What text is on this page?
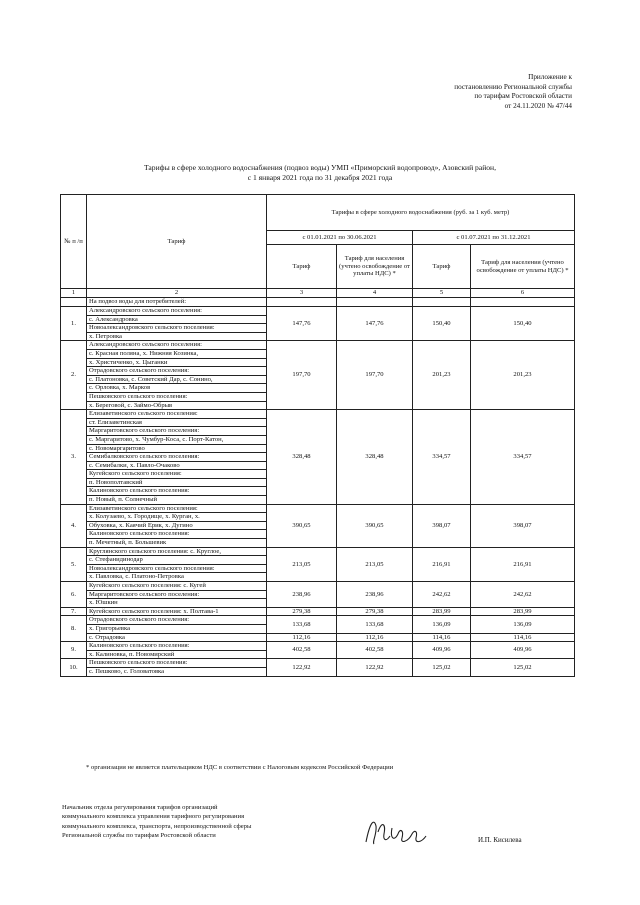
Приложение к
постановлению Региональной службы
по тарифам Ростовской области
от 24.11.2020 № 47/44
Тарифы в сфере холодного водоснабжения (подвоз воды) УМП «Приморский водопровод», Азовский район,
с 1 января 2021 года по 31 декабря 2021 года
№ п /п	Тариф	Тарифы в сфере холодного водоснабжения (руб. за 1 куб. метр)			
		с 01.01.2021 по 30.06.2021		с 01.07.2021 по 31.12.2021	
		Тариф	Тариф для населения (учтено освобождение от уплаты НДС) *	Тариф	Тариф для населения (учтено освобождение от уплаты НДС) *
1	2	3	4	5	6
	На подвоз воды для потребителей:				
1.	Александровского сельского поселения:	147,76	147,76	150,40	150,40
	с. Александровка				
	Новоалександровского сельского поселения:				
	х. Петровка				
2.	Александровского сельского поселения:	197,70	197,70	201,23	201,23
	с. Красная поляна, х. Нижняя Козинка,				
	х. Христиченко, х. Цыганки				
	Отрадовского сельского поселения:				
	с. Платоновка, с. Советский Дар, с. Сонино,				
	с. Орловка, х. Марков				
	Пешковского сельского поселения:				
	х. Береговой, с. Займо-Обрыв				
3.	Елизаветинского сельского поселения:	328,48	328,48	334,57	334,57
	ст. Елизаветинская				
	Маргаритовского сельского поселения:				
	с. Маргаритово, х. Чумбур-Коса, с. Порт-Катон,				
	с. Новомаргаритово				
	Семибалковского сельского поселения:				
	с. Семибалки, х. Павло-Очаково				
	Кугейского сельского поселения:				
	п. Новополтавский				
	Калиновского сельского поселения:				
	п. Новый, п. Солнечный				
4.	Елизаветинского сельского поселения:	390,65	390,65	398,07	398,07
	х. Колузаево, х. Городище, х. Курган, х.				
	Обуховка, х. Каячий Ерик, х. Дугино				
	Калиновского сельского поселения:				
	п. Мечетный, п. Большевик				
5.	Круглянского сельского поселения: с. Круглое,	213,05	213,05	216,91	216,91
	с. Стефанидинодар				
	Новоалександровского сельского поселения:				
	х. Павловка, с. Платоно-Петровка				
6.	Кугейского сельского поселения: с. Кугей	238,96	238,96	242,62	242,62
	Маргаритовского сельского поселения:				
	х. Юшкин				
7.	Кугейского сельского поселения: х. Полтава-1	279,38	279,38	283,99	283,99
8.	Отрадовского сельского поселения:	133,68	133,68	136,09	136,09
	х. Григорьевка				
	с. Отрадовка	112,16	112,16	114,16	114,16
9.	Калиновского сельского поселения:	402,58	402,58	409,96	409,96
	х. Калиновка, п. Новомирский				
10.	Пешковского сельского поселения:	122,92	122,92	125,02	125,02
	с. Пешково, с. Головатовка				
* организация не является плательщиком НДС в соответствии с Налоговым кодексом Российской Федерации
Начальник отдела регулирования тарифов организаций
коммунального комплекса управления тарифного регулирования
коммунального комплекса, транспорта, непроизводственной сферы
Региональной службы по тарифам Ростовской области
И.П. Кисилева
